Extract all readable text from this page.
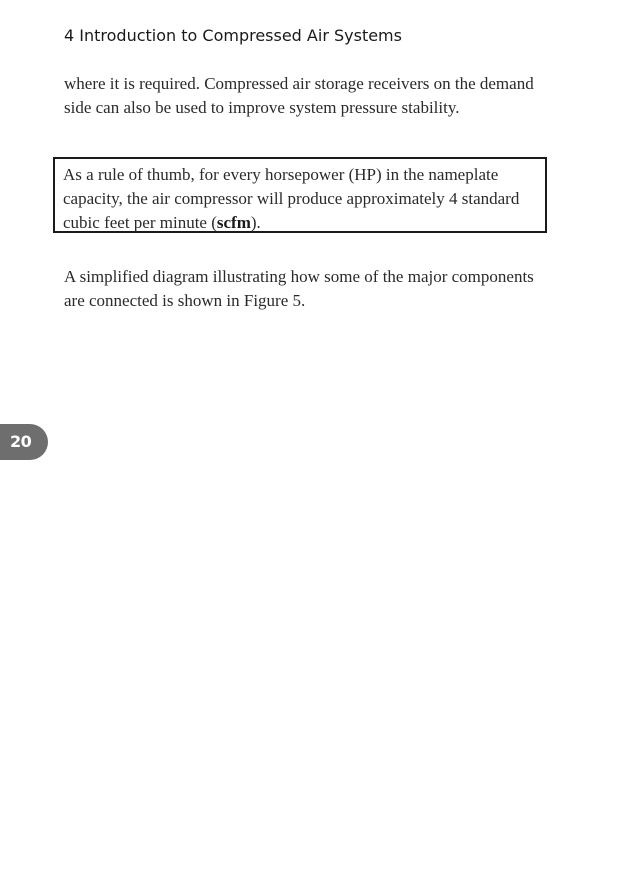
4 Introduction to Compressed Air Systems

where it is required. Compressed air storage receivers on the demand side can also be used to improve system pressure stability.

As a rule of thumb, for every horsepower (HP) in the nameplate capacity, the air compressor will produce approximately 4 standard cubic feet per minute (scfm).

A simplified diagram illustrating how some of the major components are connected is shown in Figure 5.

20
